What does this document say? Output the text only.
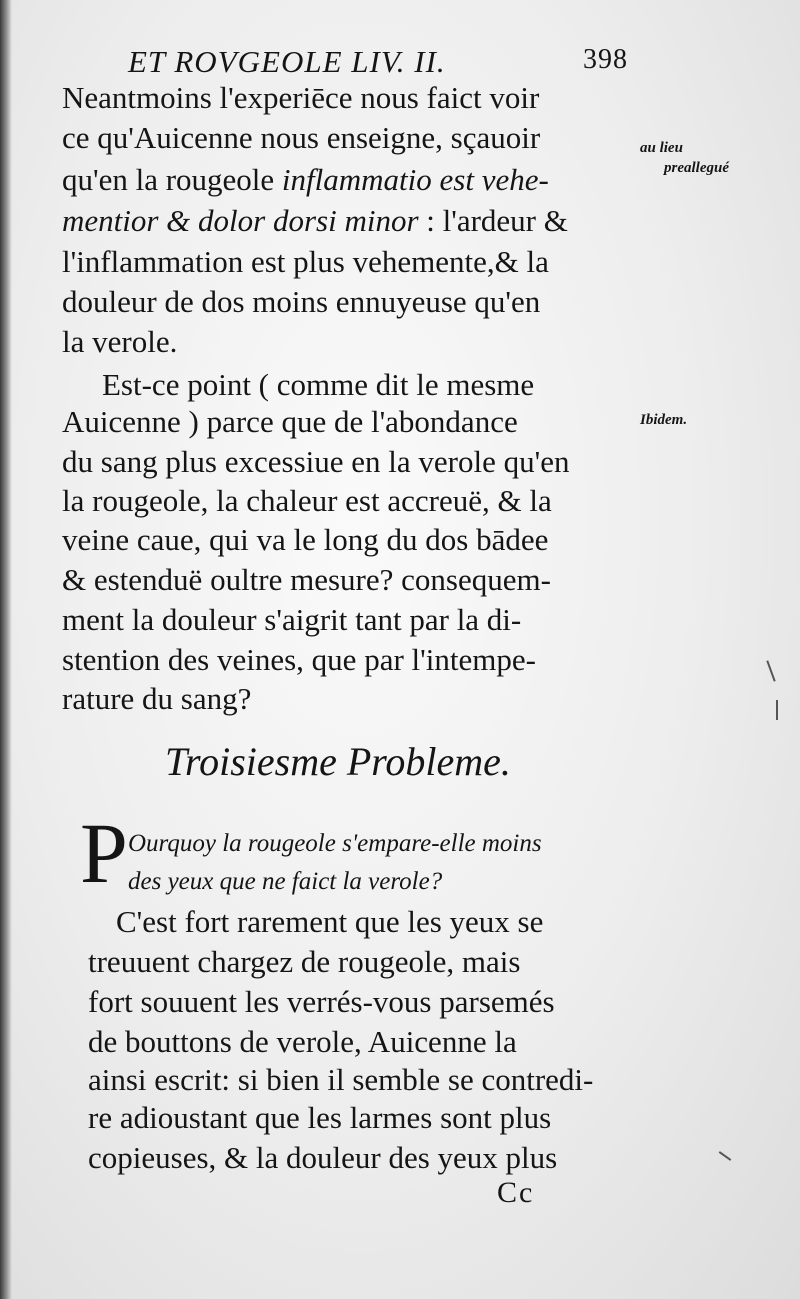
ET ROVGEOLE LIV. II.	398
Neantmoins l'experiēce nous faict voir
ce qu'Auicenne nous enseigne, sçauoir
qu'en la rougeole inflammatio est vehe-
mentior & dolor dorsi minor : l'ardeur &
l'inflammation est plus vehemente,& la
douleur de dos moins ennuyeuse qu'en
la verole.
au lieu
preallegué
Est-ce point ( comme dit le mesme
Auicenne ) parce que de l'abondance
du sang plus excessiue en la verole qu'en
la rougeole, la chaleur est accreuë, & la
veine caue, qui va le long du dos bādee
& estenduë oultre mesure? consequem-
ment la douleur s'aigrit tant par la di-
stention des veines, que par l'intempe-
rature du sang?
Ibidem.
Troisiesme Probleme.
P Ourquoy la rougeole s'empare-elle moins
des yeux que ne faict la verole?
C'est fort rarement que les yeux se
treuuent chargez de rougeole, mais
fort souuent les verrés-vous parsemés
de bouttons de verole, Auicenne la
ainsi escrit: si bien il semble se contredi-
re adioustant que les larmes sont plus
copieuses, & la douleur des yeux plus
Cc
